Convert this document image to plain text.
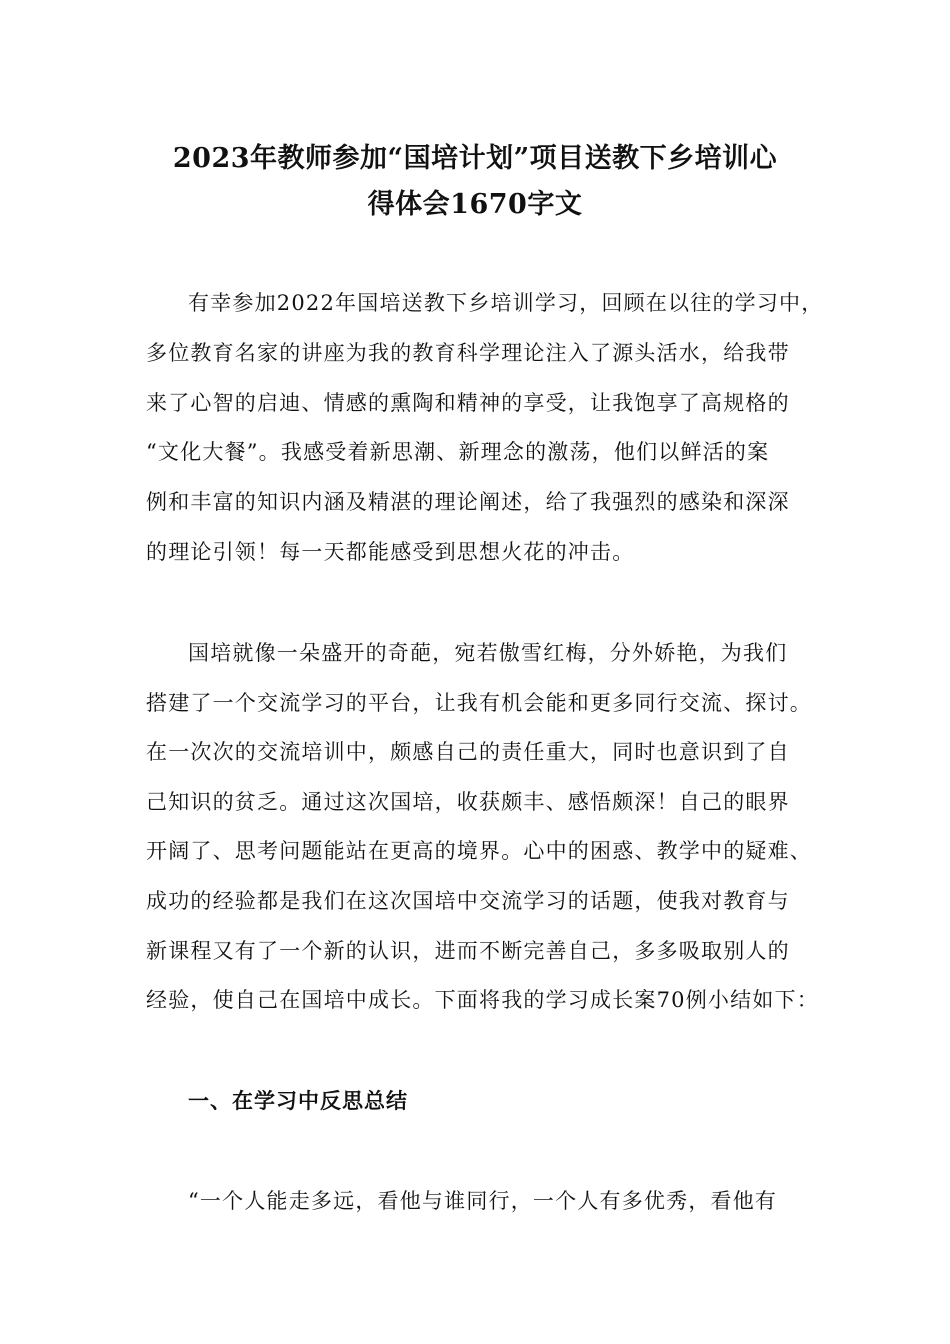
2023年教师参加“国培计划”项目送教下乡培训心
得体会1670字文
有幸参加2022年国培送教下乡培训学习，回顾在以往的学习中，
多位教育名家的讲座为我的教育科学理论注入了源头活水，给我带
来了心智的启迪、情感的熏陶和精神的享受，让我饱享了高规格的
“文化大餐”。我感受着新思潮、新理念的激荡，他们以鲜活的案
例和丰富的知识内涵及精湛的理论阐述，给了我强烈的感染和深深
的理论引领！每一天都能感受到思想火花的冲击。
国培就像一朵盛开的奇葩，宛若傲雪红梅，分外娇艳，为我们
搭建了一个交流学习的平台，让我有机会能和更多同行交流、探讨。
在一次次的交流培训中，颇感自己的责任重大，同时也意识到了自
己知识的贫乏。通过这次国培，收获颇丰、感悟颇深！自己的眼界
开阔了、思考问题能站在更高的境界。心中的困惑、教学中的疑难、
成功的经验都是我们在这次国培中交流学习的话题，使我对教育与
新课程又有了一个新的认识，进而不断完善自己，多多吸取别人的
经验，使自己在国培中成长。下面将我的学习成长案70例小结如下：
一、在学习中反思总结
“一个人能走多远，看他与谁同行，一个人有多优秀，看他有
